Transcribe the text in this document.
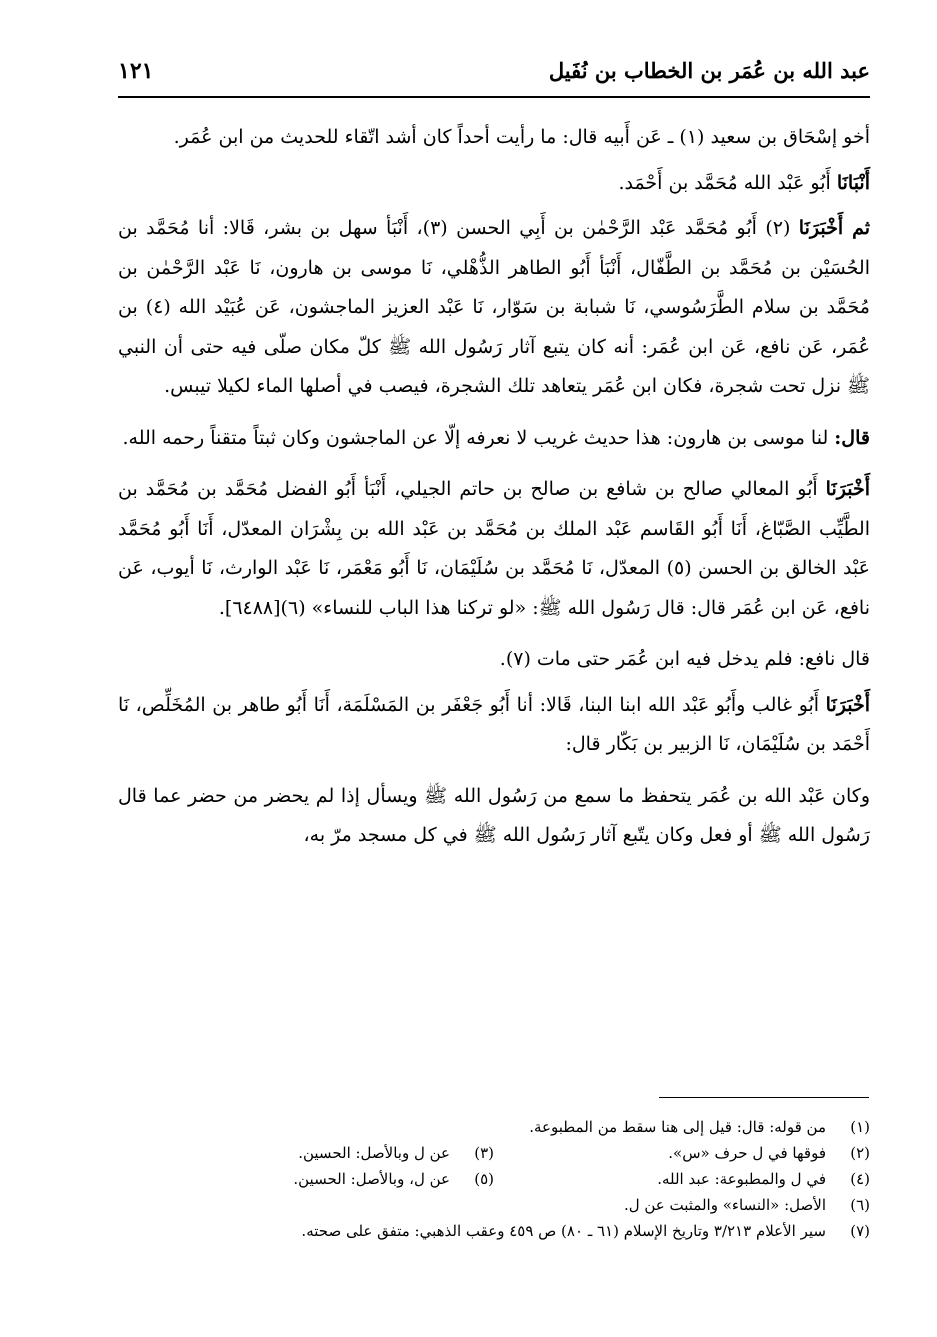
عبد الله بن عُمَر بن الخطاب بن نُفَيل
١٢١

أخو إسْحَاق بن سعيد (١) ـ عَن أَبيه قال: ما رأيت أحداً كان أشد اتّقاء للحديث من ابن عُمَر.

أَنْبَانَا أَبُو عَبْد الله مُحَمَّد بن أَحْمَد.

ثم أَخْبَرَنَا (٢) أَبُو مُحَمَّد عَبْد الرَّحْمٰن بن أَبِي الحسن (٣)، أَنْبَأ سهل بن بشر، قَالا: أنا مُحَمَّد بن الحُسَيْن بن مُحَمَّد بن الطَّفّال، أَنْبَأ أَبُو الطاهر الذُّهْلي، نَا موسى بن هارون، نَا عَبْد الرَّحْمٰن بن مُحَمَّد بن سلام الطَّرَسُوسي، نَا شبابة بن سَوّار، نَا عَبْد العزيز الماجشون، عَن عُبَيْد الله (٤) بن عُمَر، عَن نافع، عَن ابن عُمَر: أنه كان يتبع آثار رَسُول الله ﷺ كلّ مكان صلّى فيه حتى أن النبي ﷺ نزل تحت شجرة، فكان ابن عُمَر يتعاهد تلك الشجرة، فيصب في أصلها الماء لكيلا تيبس.

قال: لنا موسى بن هارون: هذا حديث غريب لا نعرفه إلّا عن الماجشون وكان ثبتاً متقناً رحمه الله.

أَخْبَرَنَا أَبُو المعالي صالح بن شافع بن صالح بن حاتم الجيلي، أَنْبَأ أَبُو الفضل مُحَمَّد بن مُحَمَّد بن الطَّيِّب الصَّبّاغ، أَنَا أَبُو القَاسم عَبْد الملك بن مُحَمَّد بن عَبْد الله بن بِشْرَان المعدّل، أَنَا أَبُو مُحَمَّد عَبْد الخالق بن الحسن (٥) المعدّل، نَا مُحَمَّد بن سُلَيْمَان، نَا أَبُو مَعْمَر، نَا عَبْد الوارث، نَا أيوب، عَن نافع، عَن ابن عُمَر قال: قال رَسُول الله ﷺ: «لو تركنا هذا الباب للنساء» (٦)[٦٤٨٨].

قال نافع: فلم يدخل فيه ابن عُمَر حتى مات (٧).

أَخْبَرَنَا أَبُو غالب وأَبُو عَبْد الله ابنا البنا، قَالا: أنا أَبُو جَعْفَر بن المَسْلَمَة، أَنَا أَبُو طاهر بن المُخَلِّص، نَا أَحْمَد بن سُلَيْمَان، نَا الزبير بن بَكّار قال:

وكان عَبْد الله بن عُمَر يتحفظ ما سمع من رَسُول الله ﷺ ويسأل إذا لم يحضر من حضر عما قال رَسُول الله ﷺ أو فعل وكان يتّبع آثار رَسُول الله ﷺ في كل مسجد مرّ به،

(١)
من قوله: قال: قيل إلى هنا سقط من المطبوعة.
(٢)
فوقها في ل حرف «س».
(٣)
عن ل وبالأصل: الحسين.
(٤)
في ل والمطبوعة: عبد الله.
(٥)
عن ل، وبالأصل: الحسين.
(٦)
الأصل: «النساء» والمثبت عن ل.
(٧)
سير الأعلام ٣/٢١٣ وتاريخ الإسلام (٦١ ـ ٨٠) ص ٤٥٩ وعقب الذهبي: متفق على صحته.
